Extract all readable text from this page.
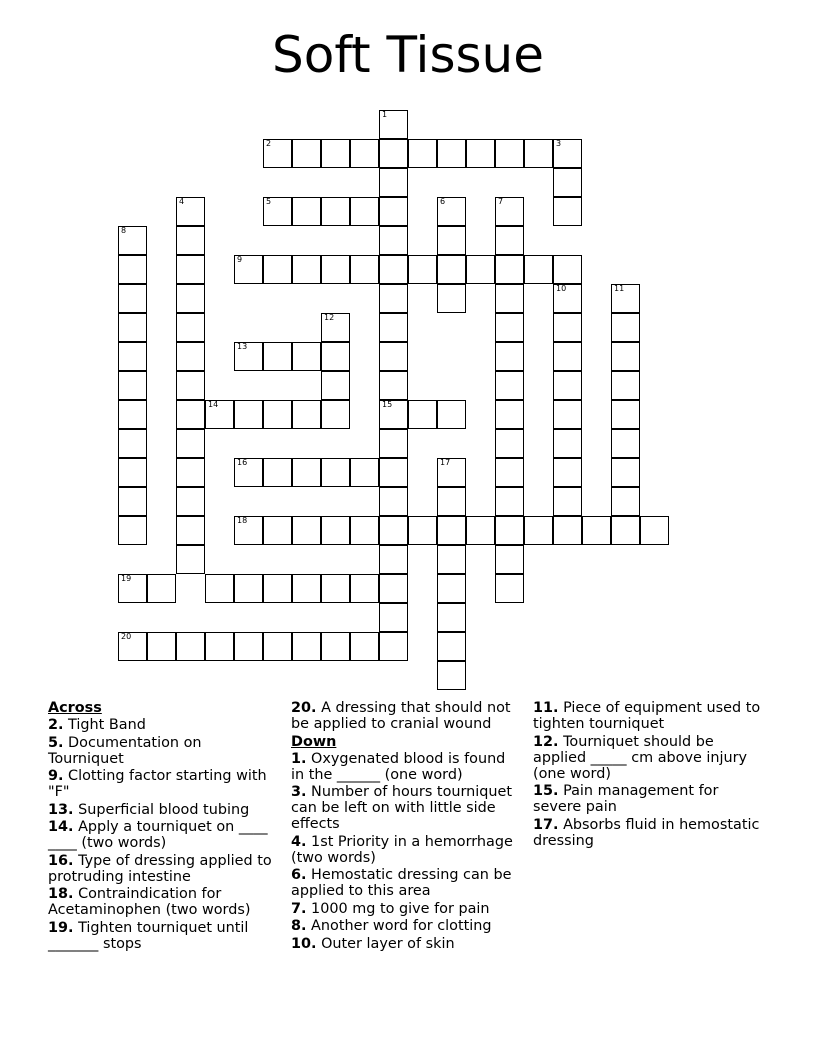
Soft Tissue
1
2	3
4	5	6	7
8
9
10	11
12
13
14	15
16	17
18
19
20
Across
2. Tight Band
5. Documentation on Tourniquet
9. Clotting factor starting with "F"
13. Superficial blood tubing
14. Apply a tourniquet on ____ ____ (two words)
16. Type of dressing applied to protruding intestine
18. Contraindication for Acetaminophen (two words)
19. Tighten tourniquet until _______ stops
20. A dressing that should not be applied to cranial wound
Down
1. Oxygenated blood is found in the ______ (one word)
3. Number of hours tourniquet can be left on with little side effects
4. 1st Priority in a hemorrhage (two words)
6. Hemostatic dressing can be applied to this area
7. 1000 mg to give for pain
8. Another word for clotting
10. Outer layer of skin
11. Piece of equipment used to tighten tourniquet
12. Tourniquet should be applied _____ cm above injury (one word)
15. Pain management for severe pain
17. Absorbs fluid in hemostatic dressing
